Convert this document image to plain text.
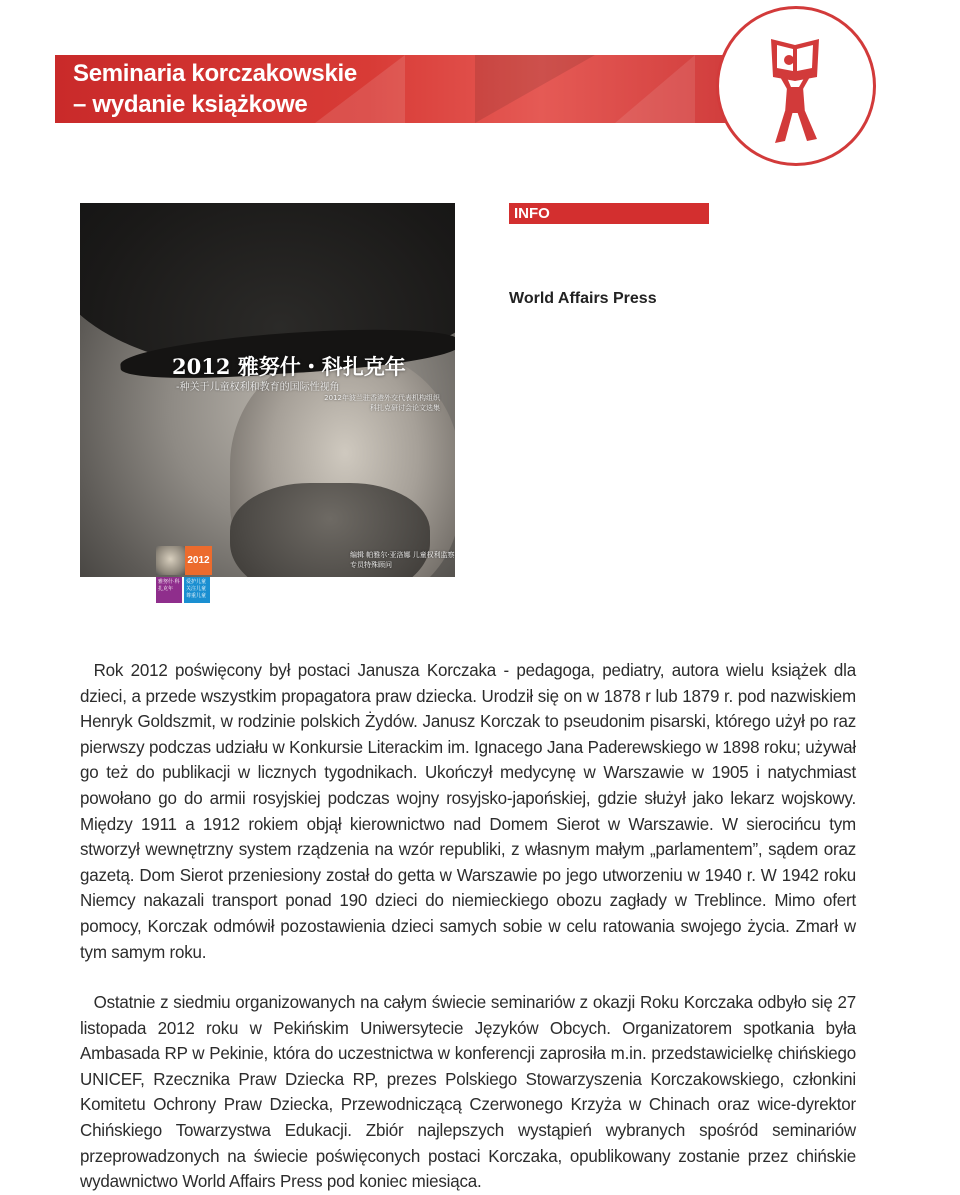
Seminaria korczakowskie
– wydanie książkowe

2012 雅努什・科扎克年

-种关于儿童权利和教育的国际性视角

2012年波兰驻香港外交代表机构组织科扎克研讨会论文选集

编辑 帕雅尔·亚洛娜 儿童权利监察专员特殊顾问

2012
雅努什·科扎克年
爱护儿童 关注儿童 尊重儿童
INFO

World Affairs Press

Rok 2012 poświęcony był postaci Janusza Korczaka - pedagoga, pediatry, autora wielu książek dla dzieci, a przede wszystkim propagatora praw dziecka. Urodził się on w 1878 r lub 1879 r. pod nazwiskiem Henryk Goldszmit, w rodzinie polskich Żydów. Janusz Korczak to pseudonim pisarski, którego użył po raz pierwszy podczas udziału w Konkursie Literackim im. Ignacego Jana Paderewskiego w 1898 roku; używał go też do publikacji w licznych tygodnikach. Ukończył medycynę w Warszawie w 1905 i natychmiast powołano go do armii rosyjskiej podczas wojny rosyjsko-japońskiej, gdzie służył jako lekarz wojskowy. Między 1911 a 1912 rokiem objął kierownictwo nad Domem Sierot w Warszawie. W sierocińcu tym stworzył wewnętrzny system rządzenia na wzór republiki, z własnym małym „parlamentem”, sądem oraz gazetą. Dom Sierot przeniesiony został do getta w Warszawie po jego utworzeniu w 1940 r. W 1942 roku Niemcy nakazali transport ponad 190 dzieci do niemieckiego obozu zagłady w Treblince. Mimo ofert pomocy, Korczak odmówił pozostawienia dzieci samych sobie w celu ratowania swojego życia. Zmarł w tym samym roku.

Ostatnie z siedmiu organizowanych na całym świecie seminariów z okazji Roku Korczaka odbyło się 27 listopada 2012 roku w Pekińskim Uniwersytecie Języków Obcych. Organizatorem spotkania była Ambasada RP w Pekinie, która do uczestnictwa w konferencji zaprosiła m.in. przedstawicielkę chińskiego UNICEF, Rzecznika Praw Dziecka RP, prezes Polskiego Stowarzyszenia Korczakowskiego, członkini Komitetu Ochrony Praw Dziecka, Przewodniczącą Czerwonego Krzyża w Chinach oraz wice-dyrektor Chińskiego Towarzystwa Edukacji. Zbiór najlepszych wystąpień wybranych spośród seminariów przeprowadzonych na świecie poświęconych postaci Korczaka, opublikowany zostanie przez chińskie wydawnictwo World Affairs Press pod koniec miesiąca.
